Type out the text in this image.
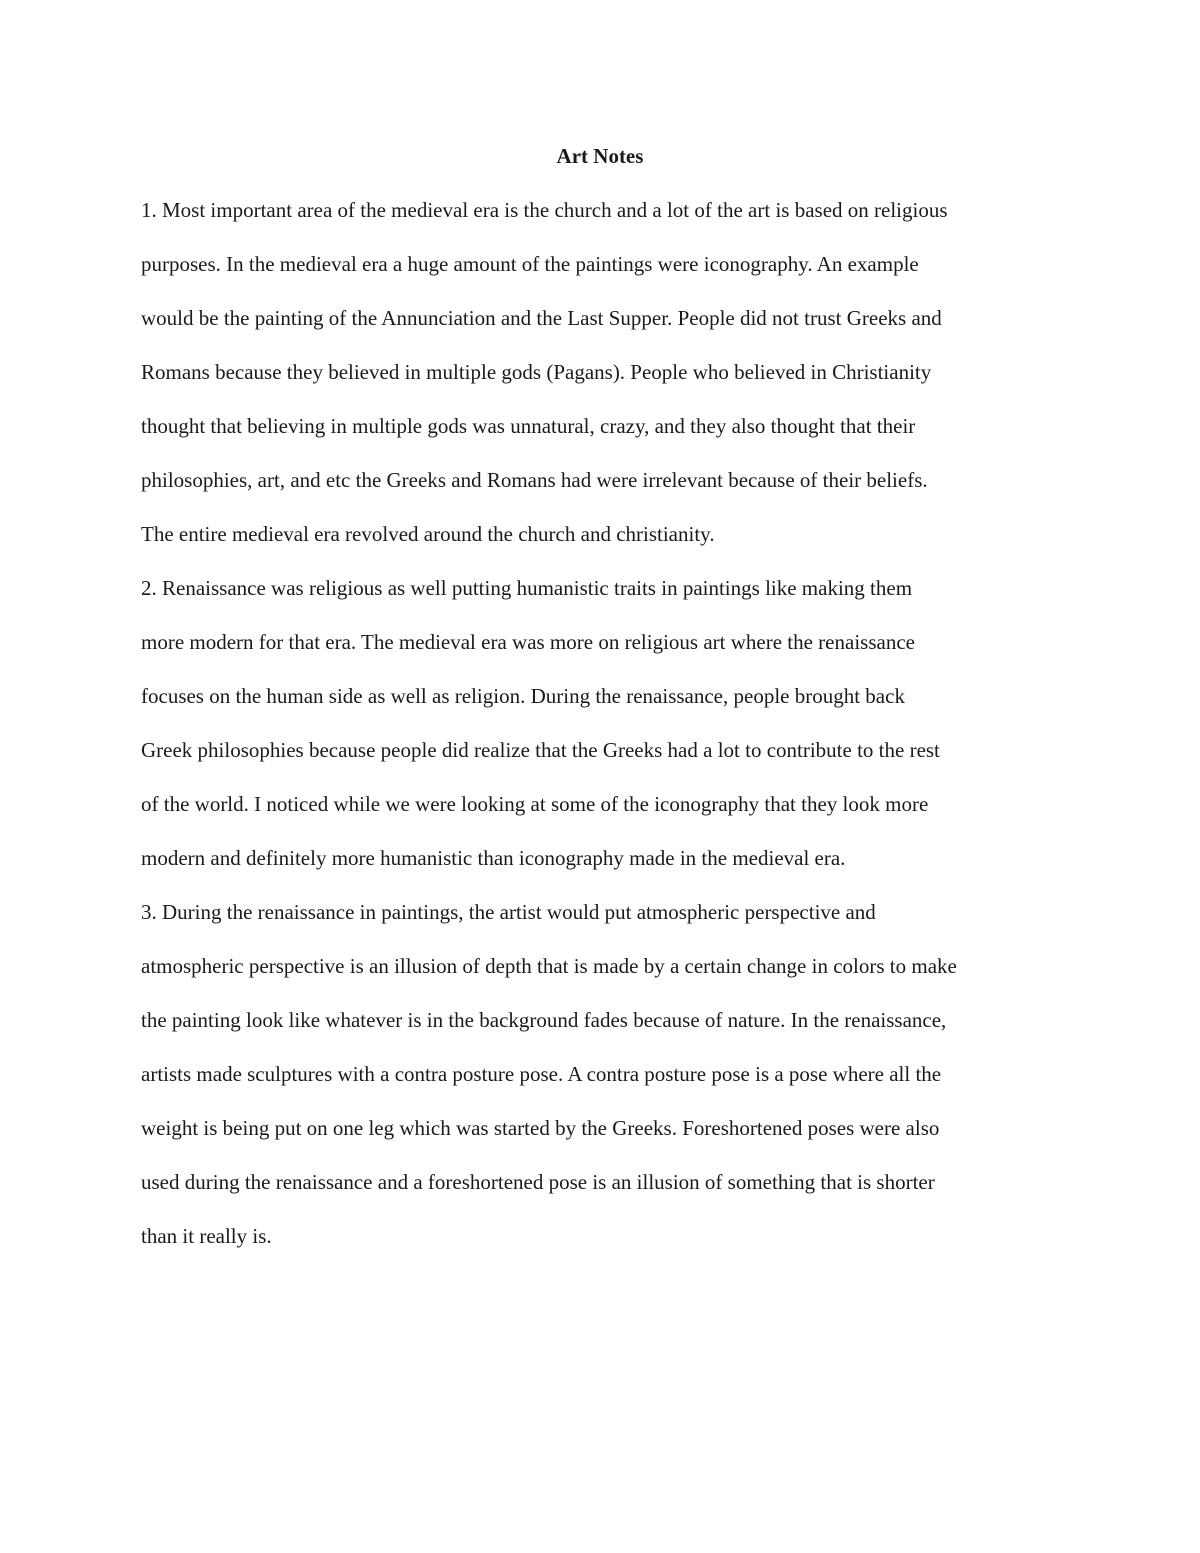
Art Notes

1. Most important area of the medieval era is the church and a lot of the art is based on religious

purposes. In the medieval era a huge amount of the paintings were iconography. An example

would be the painting of the Annunciation and the Last Supper. People did not trust Greeks and

Romans because they believed in multiple gods (Pagans). People who believed in Christianity

thought that believing in multiple gods was unnatural, crazy, and they also thought that their

philosophies, art, and etc the Greeks and Romans had were irrelevant because of their beliefs.

The entire medieval era revolved around the church and christianity.

2. Renaissance was religious as well putting humanistic traits in paintings like making them

more modern for that era. The medieval era was more on religious art where the renaissance

focuses on the human side as well as religion. During the renaissance, people brought back

Greek philosophies because people did realize that the Greeks had a lot to contribute to the rest

of the world. I noticed while we were looking at some of the iconography that they look more

modern and definitely more humanistic than iconography made in the medieval era.

3. During the renaissance in paintings, the artist would put atmospheric perspective and

atmospheric perspective is an illusion of depth that is made by a certain change in colors to make

the painting look like whatever is in the background fades because of nature. In the renaissance,

artists made sculptures with a contra posture pose. A contra posture pose is a pose where all the

weight is being put on one leg which was started by the Greeks. Foreshortened poses were also

used during the renaissance and a foreshortened pose is an illusion of something that is shorter

than it really is.
